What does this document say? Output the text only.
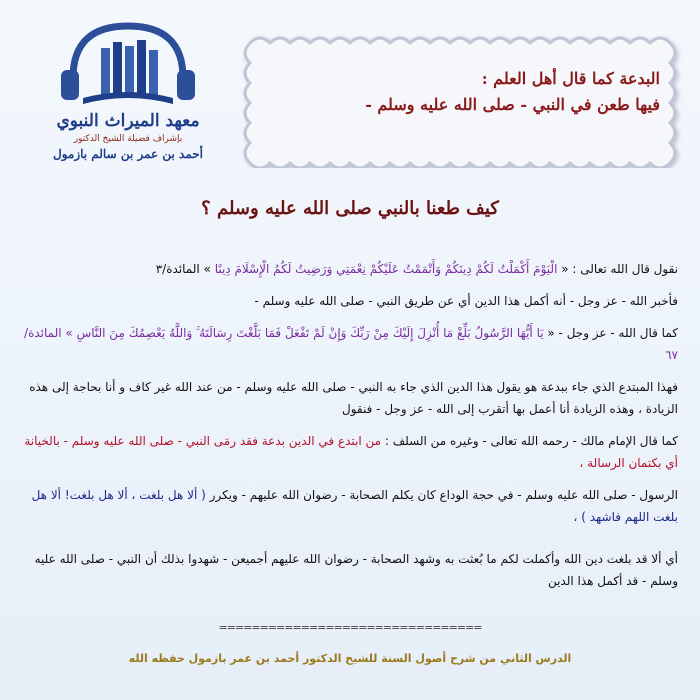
معهد الميراث النبوي
بإشراف فضيلة الشيخ الدكتور
أحمد بن عمر بن سالم بازمول
البدعة كما قال أهل العلم :
فيها طعن في النبي - صلى الله عليه وسلم -
كيف طعنا بالنبي صلى الله عليه وسلم ؟

نقول قال الله تعالى : « الْيَوْمَ أَكْمَلْتُ لَكُمْ دِينَكُمْ وَأَتْمَمْتُ عَلَيْكُمْ نِعْمَتِي وَرَضِيتُ لَكُمُ الْإِسْلَامَ دِينًا » المائدة/٣

فأخبر الله - عز وجل - أنه أكمل هذا الدين أي عن طريق النبي - صلى الله عليه وسلم -

كما قال الله - عز وجل - « يَا أَيُّهَا الرَّسُولُ بَلِّغْ مَا أُنْزِلَ إِلَيْكَ مِنْ رَبِّكَ وَإِنْ لَمْ تَفْعَلْ فَمَا بَلَّغْتَ رِسَالَتَهُ ۚ وَاللَّهُ يَعْصِمُكَ مِنَ النَّاسِ » المائدة/٦٧

فهذا المبتدع الذي جاء ببدعة هو يقول هذا الدين الذي جاء به النبي - صلى الله عليه وسلم - من عند الله غير كاف و أنا بحاجة إلى هذه الزيادة ، وهذه الزيادة أنا أعمل بها أتقرب إلى الله - عز وجل - فنقول

كما قال الإمام مالك - رحمه الله تعالى - وغيره من السلف : من ابتدع في الدين بدعة فقد رمَى النبي - صلى الله عليه وسلم - بالخيانة أي بكتمان الرسالة ،

الرسول - صلى الله عليه وسلم - في حجة الوداع كان يكلم الصحابة - رضوان الله عليهم - ويكرر ( ألا هل بلغت ، ألا هل بلغت! ألا هل بلغت اللهم فاشهد ) ،

أي ألا قد بلغت دين الله وأكملت لكم ما بُعثت به وشهد الصحابة - رضوان الله عليهم أجميعن - شهدوا بذلك أن النبي - صلى الله عليه وسلم - قد أكمل هذا الدين

================================
الدرس الثاني من شرح أصول السنة للشيخ الدكتور أحمد بن عمر بازمول حفظه الله
